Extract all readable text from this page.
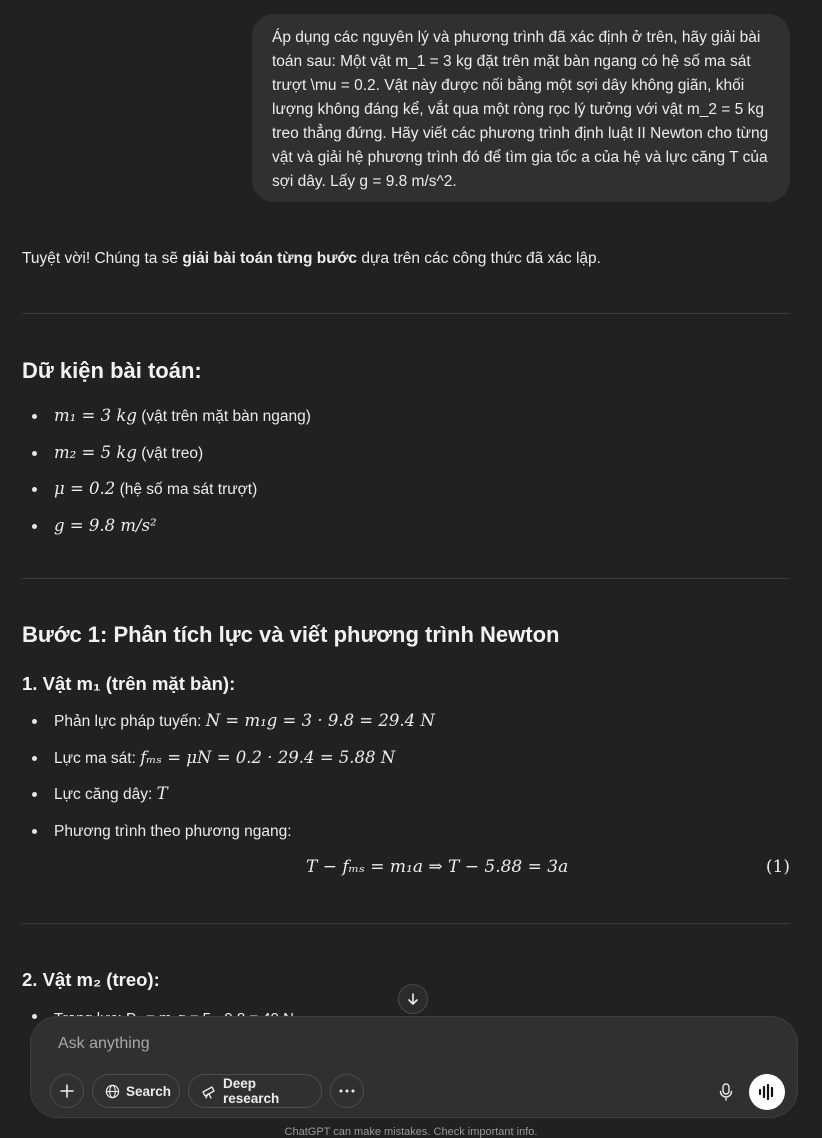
Áp dụng các nguyên lý và phương trình đã xác định ở trên, hãy giải bài toán sau: Một vật m_1 = 3 kg đặt trên mặt bàn ngang có hệ số ma sát trượt \mu = 0.2. Vật này được nối bằng một sợi dây không giãn, khối lượng không đáng kể, vắt qua một ròng rọc lý tưởng với vật m_2 = 5 kg treo thẳng đứng. Hãy viết các phương trình định luật II Newton cho từng vật và giải hệ phương trình đó để tìm gia tốc a của hệ và lực căng T của sợi dây. Lấy g = 9.8 m/s^2.
Tuyệt vời! Chúng ta sẽ giải bài toán từng bước dựa trên các công thức đã xác lập.
Dữ kiện bài toán:
m₁ = 3 kg (vật trên mặt bàn ngang)
m₂ = 5 kg (vật treo)
μ = 0.2 (hệ số ma sát trượt)
g = 9.8 m/s²
Bước 1: Phân tích lực và viết phương trình Newton
1. Vật m₁ (trên mặt bàn):
Phản lực pháp tuyến: N = m₁g = 3 · 9.8 = 29.4 N
Lực ma sát: fₘₛ = μN = 0.2 · 29.4 = 5.88 N
Lực căng dây: T
Phương trình theo phương ngang:
T − fₘₛ = m₁a ⇒ T − 5.88 = 3a	(1)
2. Vật m₂ (treo):
Ask anything
Search	Deep research
ChatGPT can make mistakes. Check important info.
